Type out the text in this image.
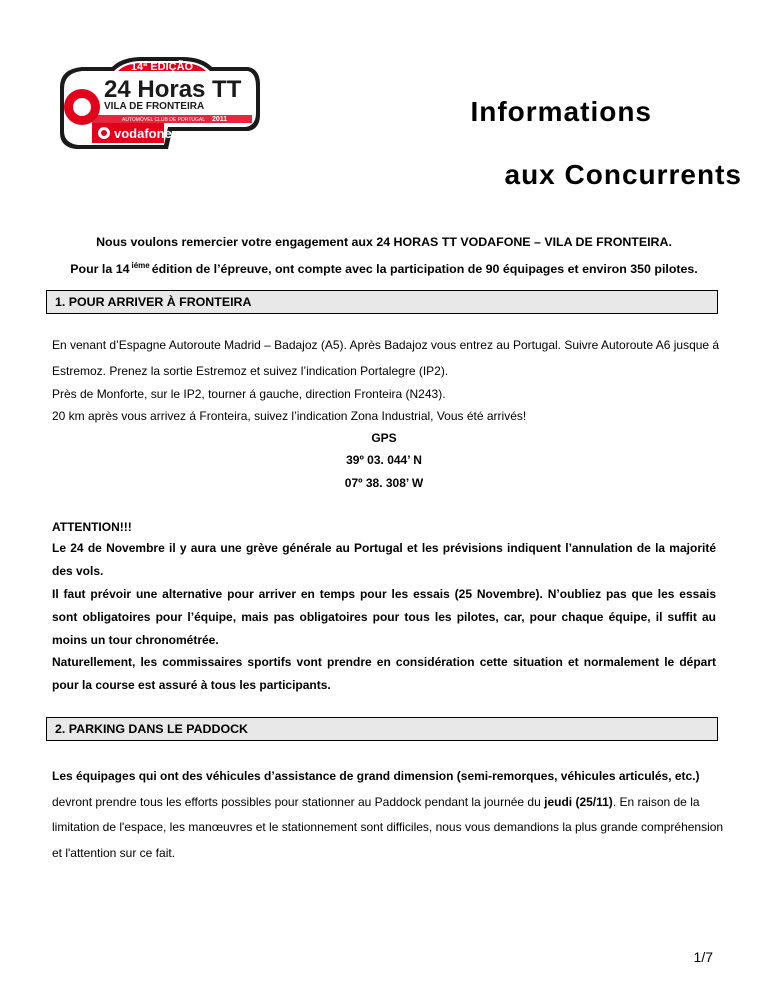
14ª EDIÇÃO
24 Horas TT
VILA DE FRONTEIRA
AUTOMÓVEL CLUB DE PORTUGAL 2011
vodafone
Informations
aux Concurrents
Nous voulons remercier votre engagement aux 24 HORAS TT VODAFONE – VILA DE FRONTEIRA.
Pour la 14 $^{iéme}$ édition de l’épreuve, ont compte avec la participation de 90 équipages et environ 350 pilotes.
1. POUR ARRIVER À FRONTEIRA
En venant d’Espagne Autoroute Madrid – Badajoz (A5). Après Badajoz vous entrez au Portugal. Suivre Autoroute A6 jusque á
Estremoz. Prenez la sortie Estremoz et suivez l’indication Portalegre (IP2).
Près de Monforte, sur le IP2, tourner á gauche, direction Fronteira (N243).
20 km après vous arrivez á Fronteira, suivez l’indication Zona Industrial, Vous été arrivés!
GPS
39º 03. 044’ N
07º 38. 308’ W
ATTENTION!!!
Le 24 de Novembre il y aura une grève générale au Portugal et les prévisions indiquent l’annulation de la majorité des vols.
Il faut prévoir une alternative pour arriver en temps pour les essais (25 Novembre). N’oubliez pas que les essais sont obligatoires pour l’équipe, mais pas obligatoires pour tous les pilotes, car, pour chaque équipe, il suffit au moins un tour chronométrée.
Naturellement, les commissaires sportifs vont prendre en considération cette situation et normalement le départ pour la course est assuré à tous les participants.
2. PARKING DANS LE PADDOCK
Les équipages qui ont des véhicules d’assistance de grand dimension (semi-remorques, véhicules articulés, etc.) devront prendre tous les efforts possibles pour stationner au Paddock pendant la journée du jeudi (25/11). En raison de la limitation de l'espace, les manœuvres et le stationnement sont difficiles, nous vous demandions la plus grande compréhension et l'attention sur ce fait.
1/7
